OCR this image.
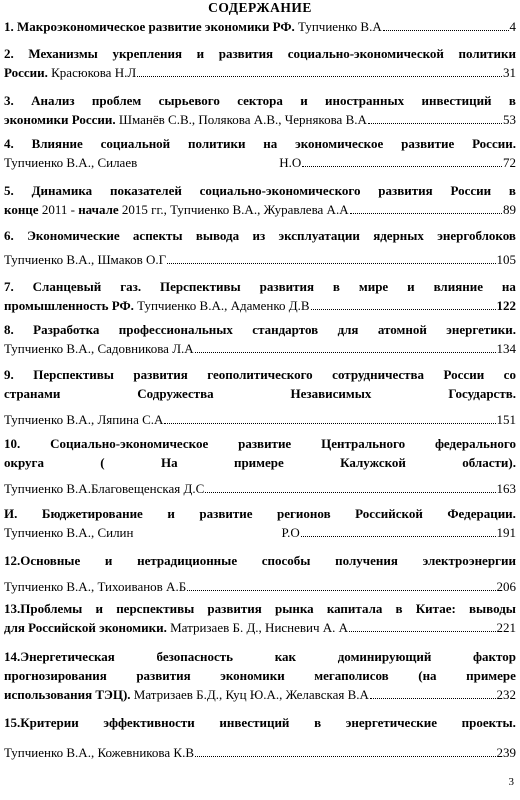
СОДЕРЖАНИЕ
1. Макроэкономическое развитие экономики РФ.
Тупчиенко В.А	4
2. Механизмы укрепления и развития социально-экономической политики
России.
Красюкова Н.Л	31
3. Анализ проблем сырьевого сектора и иностранных инвестиций в
экономики России.
Шманёв С.В., Полякова А.В., Чернякова В.А	53
4. Влияние социальной политики на экономическое развитие России.
Тупчиенко В.А., Силаев	Н.О	72
5. Динамика показателей социально-экономического развития России в
конце
2011 -
начале
2015 гг.,
Тупчиенко В.А., Журавлева А.А	89
6. Экономические аспекты вывода из эксплуатации ядерных энергоблоков
Тупчиенко В.А., Шмаков О.Г	105
7. Сланцевый газ. Перспективы развития в мире и влияние на
промышленность РФ.
Тупчиенко В.А., Адаменко Д.В	122
8. Разработка профессиональных стандартов для атомной энергетики.
Тупчиенко В.А., Садовникова Л.А	134
9. Перспективы развития геополитического сотрудничества России со
странами	Содружества	Независимых	Государств.
Тупчиенко В.А., Ляпина С.А	151
10. Социально-экономическое развитие Центрального федерального
округа	(	На	примере	Калужской	области).
Тупчиенко В.А.Благовещенская Д.С	163
И. Бюджетирование и развитие регионов Российской Федерации.
Тупчиенко В.А., Силин	Р.О	191
12.Основные и нетрадиционные способы получения электроэнергии
Тупчиенко В.А., Тихоиванов А.Б	206
13.Проблемы и перспективы развития рынка капитала в Китае: выводы
для Российской экономики.
Матризаев Б. Д., Нисневич А. А	221
14.Энергетическая	безопасность	как	доминирующий	фактор
прогнозирования развития экономики мегаполисов (на примере
использования ТЭЦ).
Матризаев Б.Д., Куц Ю.А., Желавская В.А	232
15.Критерии эффективности инвестиций в энергетические проекты.
Тупчиенко В.А., Кожевникова К.В	239
3
